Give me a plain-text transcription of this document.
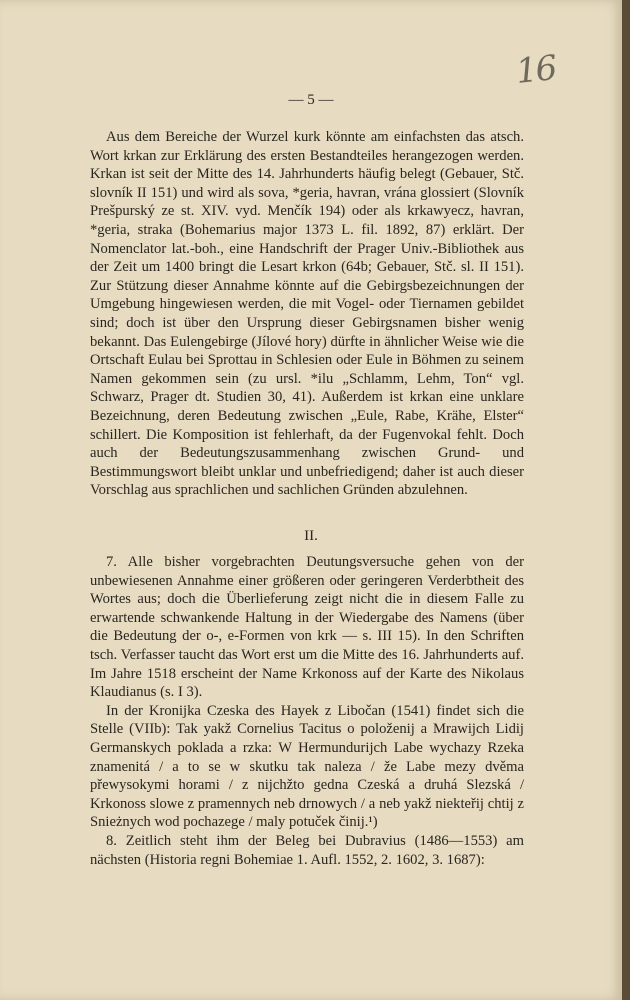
16
— 5 —

Aus dem Bereiche der Wurzel kurk könnte am einfachsten das atsch. Wort krkan zur Erklärung des ersten Bestandteiles herangezogen werden. Krkan ist seit der Mitte des 14. Jahrhunderts häufig belegt (Gebauer, Stč. slovník II 151) und wird als sova, *geria, havran, vrána glossiert (Slovník Prešpurský ze st. XIV. vyd. Menčík 194) oder als krkawyecz, havran, *geria, straka (Bohemarius major 1373 L. fil. 1892, 87) erklärt. Der Nomenclator lat.-boh., eine Handschrift der Prager Univ.-Bibliothek aus der Zeit um 1400 bringt die Lesart krkon (64b; Gebauer, Stč. sl. II 151). Zur Stützung dieser Annahme könnte auf die Gebirgsbezeichnungen der Umgebung hingewiesen werden, die mit Vogel- oder Tiernamen gebildet sind; doch ist über den Ursprung dieser Gebirgsnamen bisher wenig bekannt. Das Eulengebirge (Jílové hory) dürfte in ähnlicher Weise wie die Ortschaft Eulau bei Sprottau in Schlesien oder Eule in Böhmen zu seinem Namen gekommen sein (zu ursl. *ilu „Schlamm, Lehm, Ton“ vgl. Schwarz, Prager dt. Studien 30, 41). Außerdem ist krkan eine unklare Bezeichnung, deren Bedeutung zwischen „Eule, Rabe, Krähe, Elster“ schillert. Die Komposition ist fehlerhaft, da der Fugenvokal fehlt. Doch auch der Bedeutungszusammenhang zwischen Grund- und Bestimmungswort bleibt unklar und unbefriedigend; daher ist auch dieser Vorschlag aus sprachlichen und sachlichen Gründen abzulehnen.

II.

7. Alle bisher vorgebrachten Deutungsversuche gehen von der unbewiesenen Annahme einer größeren oder geringeren Verderbtheit des Wortes aus; doch die Überlieferung zeigt nicht die in diesem Falle zu erwartende schwankende Haltung in der Wiedergabe des Namens (über die Bedeutung der o-, e-Formen von krk — s. III 15). In den Schriften tsch. Verfasser taucht das Wort erst um die Mitte des 16. Jahrhunderts auf. Im Jahre 1518 erscheint der Name Krkonoss auf der Karte des Nikolaus Klaudianus (s. I 3).

In der Kronijka Czeska des Hayek z Libočan (1541) findet sich die Stelle (VIIb): Tak yakž Cornelius Tacitus o položenij a Mrawijch Lidij Germanskych poklada a rzka: W Hermundurijch Labe wychazy Rzeka znamenitá / a to se w skutku tak naleza / že Labe mezy dvěma přewysokymi horami / z nijchžto gedna Czeská a druhá Slezská / Krkonoss slowe z pramennych neb drnowych / a neb yakž niekteřij chtij z Snieżnych wod pochazege / maly potuček činij.¹)

8. Zeitlich steht ihm der Beleg bei Dubravius (1486—1553) am nächsten (Historia regni Bohemiae 1. Aufl. 1552, 2. 1602, 3. 1687):
